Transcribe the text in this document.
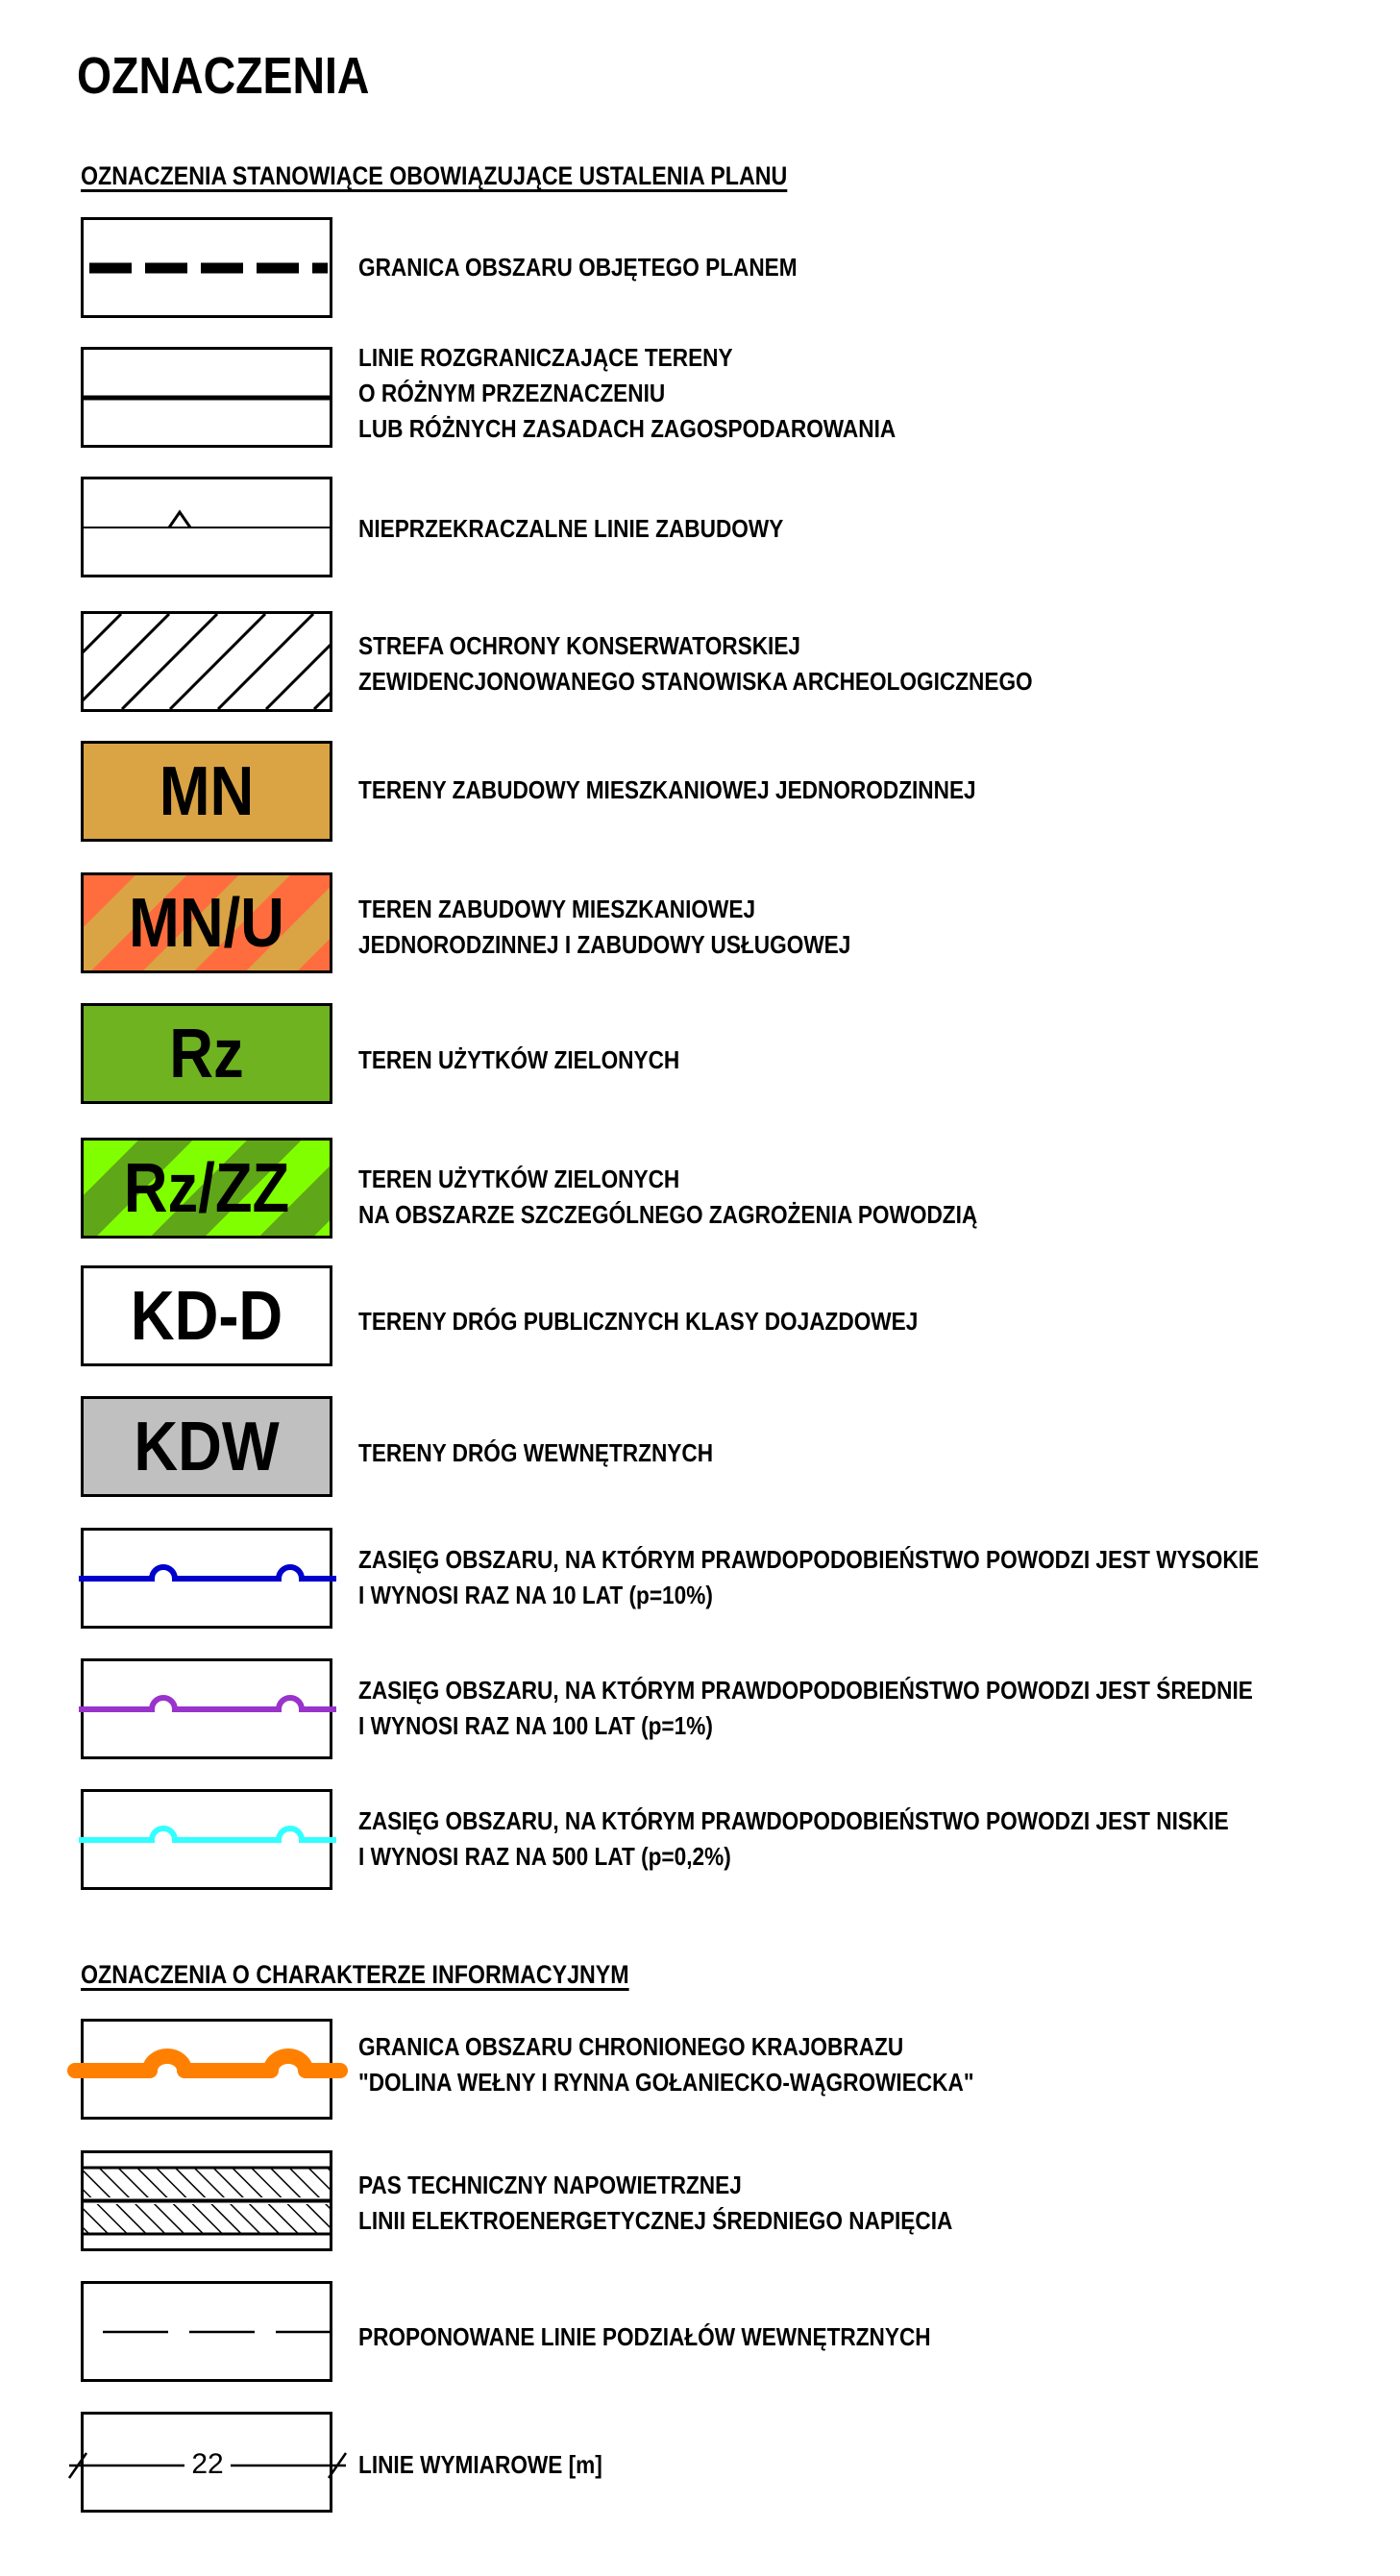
OZNACZENIA
OZNACZENIA STANOWIĄCE OBOWIĄZUJĄCE USTALENIA PLANU
GRANICA OBSZARU OBJĘTEGO PLANEM
LINIE ROZGRANICZAJĄCE TERENY
O RÓŻNYM PRZEZNACZENIU
LUB RÓŻNYCH ZASADACH ZAGOSPODAROWANIA
NIEPRZEKRACZALNE LINIE ZABUDOWY
STREFA OCHRONY KONSERWATORSKIEJ
ZEWIDENCJONOWANEGO STANOWISKA ARCHEOLOGICZNEGO
MN	TERENY ZABUDOWY MIESZKANIOWEJ JEDNORODZINNEJ
MN/U	TEREN ZABUDOWY MIESZKANIOWEJ
JEDNORODZINNEJ I ZABUDOWY USŁUGOWEJ
Rz	TEREN UŻYTKÓW ZIELONYCH
Rz/ZZ	TEREN UŻYTKÓW ZIELONYCH
NA OBSZARZE SZCZEGÓLNEGO ZAGROŻENIA POWODZIĄ
KD-D	TERENY DRÓG PUBLICZNYCH KLASY DOJAZDOWEJ
KDW	TERENY DRÓG WEWNĘTRZNYCH
ZASIĘG OBSZARU, NA KTÓRYM PRAWDOPODOBIEŃSTWO POWODZI JEST WYSOKIE
I WYNOSI RAZ NA 10 LAT (p=10%)
ZASIĘG OBSZARU, NA KTÓRYM PRAWDOPODOBIEŃSTWO POWODZI JEST ŚREDNIE
I WYNOSI RAZ NA 100 LAT (p=1%)
ZASIĘG OBSZARU, NA KTÓRYM PRAWDOPODOBIEŃSTWO POWODZI JEST NISKIE
I WYNOSI RAZ NA 500 LAT (p=0,2%)
OZNACZENIA O CHARAKTERZE INFORMACYJNYM
GRANICA OBSZARU CHRONIONEGO KRAJOBRAZU
"DOLINA WEŁNY I RYNNA GOŁANIECKO-WĄGROWIECKA"
PAS TECHNICZNY NAPOWIETRZNEJ
LINII ELEKTROENERGETYCZNEJ ŚREDNIEGO NAPIĘCIA
PROPONOWANE LINIE PODZIAŁÓW WEWNĘTRZNYCH
22	LINIE WYMIAROWE [m]
